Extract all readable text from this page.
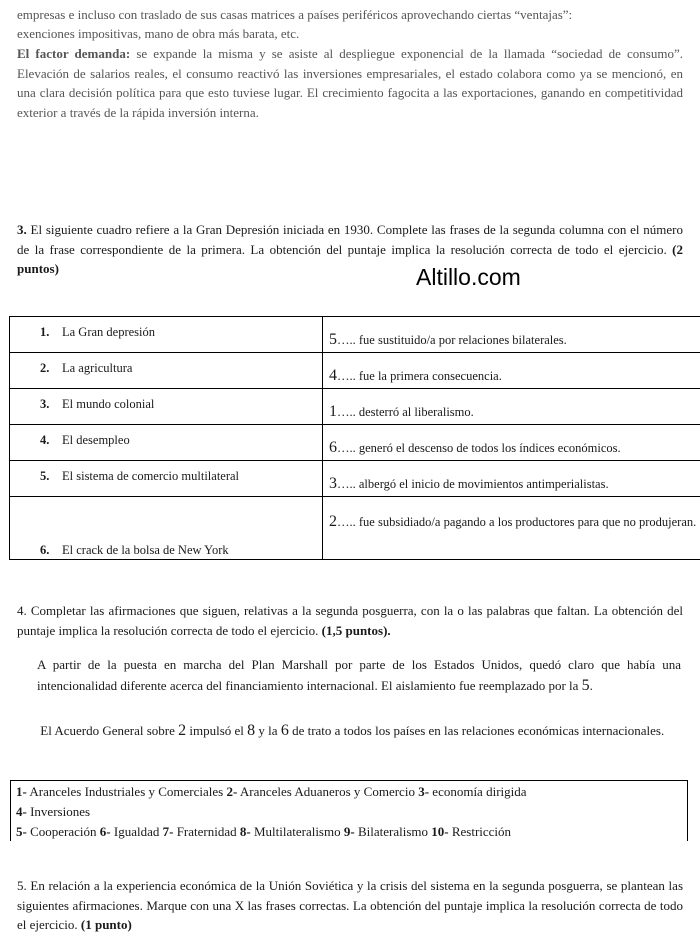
empresas e incluso con traslado de sus casas matrices a países periféricos aprovechando ciertas “ventajas”:

exenciones impositivas, mano de obra más barata, etc.

El factor demanda: se expande la misma y se asiste al despliegue exponencial de la llamada “sociedad de consumo”. Elevación de salarios reales, el consumo reactivó las inversiones empresariales, el estado colabora como ya se mencionó, en una clara decisión política para que esto tuviese lugar. El crecimiento fagocita a las exportaciones, ganando en competitividad exterior a través de la rápida inversión interna.

3. El siguiente cuadro refiere a la Gran Depresión iniciada en 1930. Complete las frases de la segunda columna con el número de la frase correspondiente de la primera. La obtención del puntaje implica la resolución correcta de todo el ejercicio. (2 puntos)	Altillo.com
1. La Gran depresión	5….. fue sustituido/a por relaciones bilaterales.

2. La agricultura	4….. fue la primera consecuencia.

3. El mundo colonial	1….. desterró al liberalismo.

4. El desempleo	6….. generó el descenso de todos los índices económicos.

5. El sistema de comercio multilateral	3….. albergó el inicio de movimientos antimperialistas.

6. El crack de la bolsa de New York	2….. fue subsidiado/a pagando a los productores para que no produjeran.

4. Completar las afirmaciones que siguen, relativas a la segunda posguerra, con la o las palabras que faltan. La obtención del puntaje implica la resolución correcta de todo el ejercicio. (1,5 puntos).

A partir de la puesta en marcha del Plan Marshall por parte de los Estados Unidos, quedó claro que había una intencionalidad diferente acerca del financiamiento internacional. El aislamiento fue reemplazado por la 5.

El Acuerdo General sobre 2 impulsó el 8 y la 6 de trato a todos los países en las relaciones económicas internacionales.

1- Aranceles Industriales y Comerciales 2- Aranceles Aduaneros y Comercio 3- economía dirigida
4- Inversiones
5- Cooperación 6- Igualdad 7- Fraternidad 8- Multilateralismo 9- Bilateralismo 10- Restricción

5. En relación a la experiencia económica de la Unión Soviética y la crisis del sistema en la segunda posguerra, se plantean las siguientes afirmaciones. Marque con una X las frases correctas. La obtención del puntaje implica la resolución correcta de todo el ejercicio. (1 punto)
